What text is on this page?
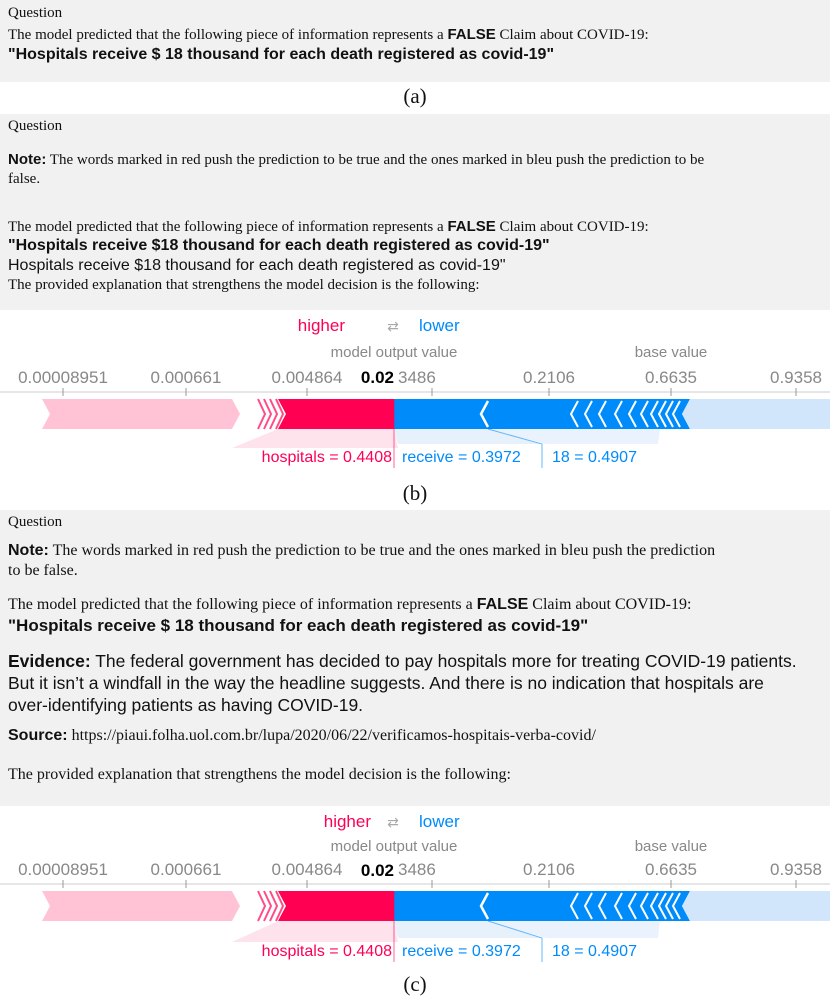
Question
The model predicted that the following piece of information represents a FALSE Claim about COVID-19:
"Hospitals receive $ 18 thousand for each death registered as covid-19"
(a)
Question
Note: The words marked in red push the prediction to be true and the ones marked in bleu push the prediction to be
false.
The model predicted that the following piece of information represents a FALSE Claim about COVID-19:
"Hospitals receive $18 thousand for each death registered as covid-19"
Hospitals receive $18 thousand for each death registered as covid-19"
The provided explanation that strengthens the model decision is the following:
higher	⇄ lower
model output value	base value
0.00008951	0.000661	0.004864	3486	0.2106	0.6635	0.9358
0.02
hospitals = 0.4408 receive = 0.3972 18 = 0.4907
(b)
Question
Note: The words marked in red push the prediction to be true and the ones marked in bleu push the prediction
to be false.
The model predicted that the following piece of information represents a FALSE Claim about COVID-19:
"Hospitals receive $ 18 thousand for each death registered as covid-19"
Evidence: The federal government has decided to pay hospitals more for treating COVID-19 patients.
But it isn’t a windfall in the way the headline suggests. And there is no indication that hospitals are
over-identifying patients as having COVID-19.
Source: https://piaui.folha.uol.com.br/lupa/2020/06/22/verificamos-hospitais-verba-covid/
The provided explanation that strengthens the model decision is the following:
higher ⇄ lower
model output value	base value
0.00008951	0.000661	0.004864	3486	0.2106	0.6635	0.9358
0.02
hospitals = 0.4408 receive = 0.3972 18 = 0.4907
(c)
